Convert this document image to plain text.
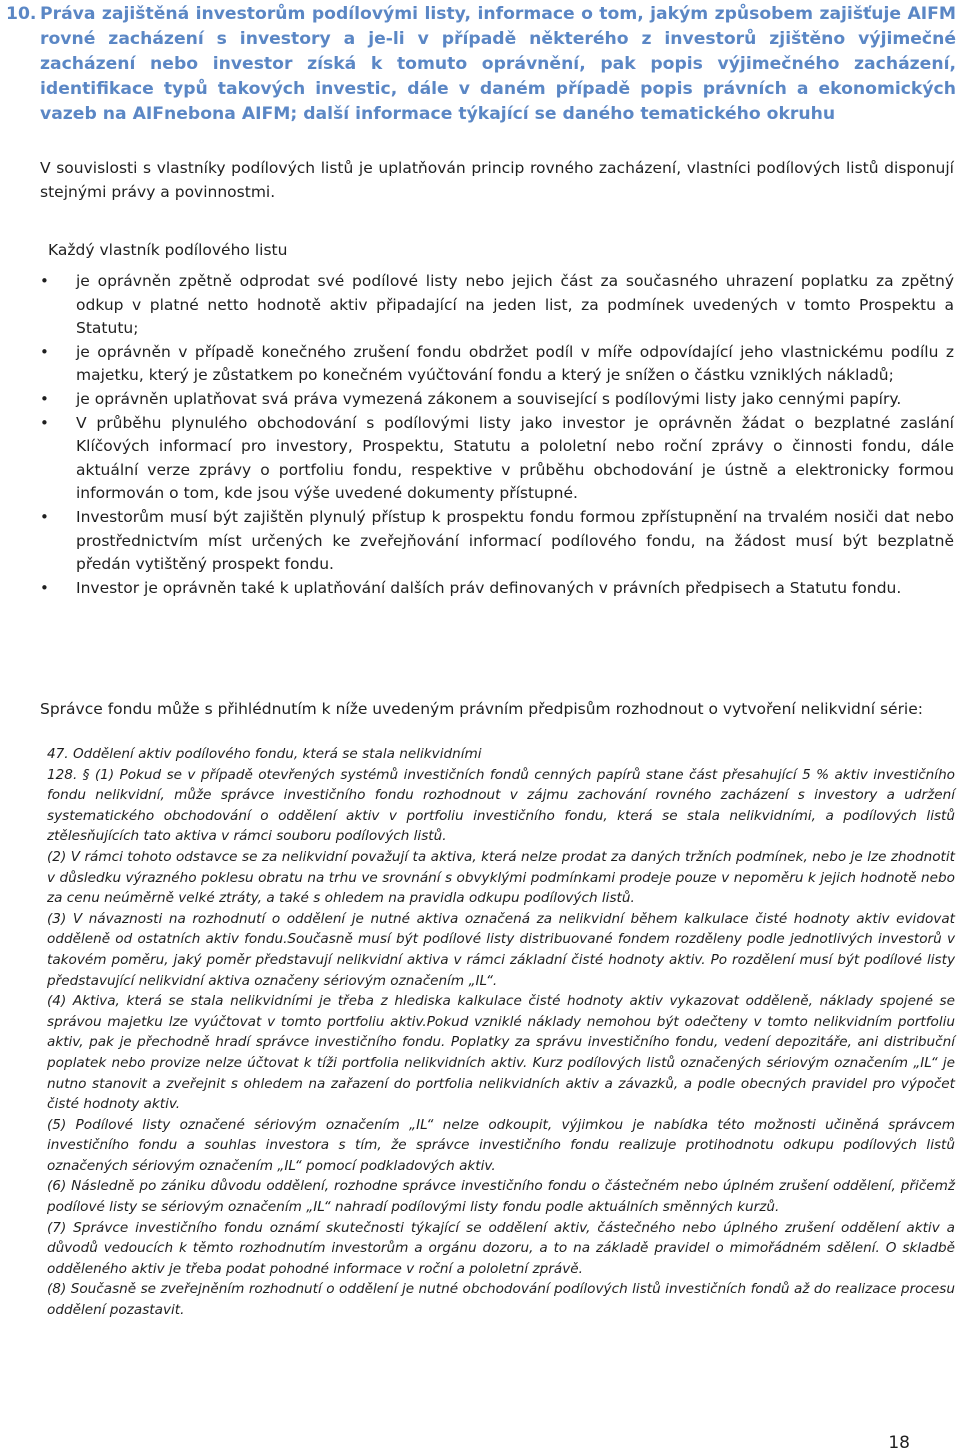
10. Práva zajištěná investorům podílovými listy, informace o tom, jakým způsobem zajišťuje AIFM rovné zacházení s investory a je-li v případě některého z investorů zjištěno výjimečné zacházení nebo investor získá k tomuto oprávnění, pak popis výjimečného zacházení, identifikace typů takových investic, dále v daném případě popis právních a ekonomických vazeb na AIFnebona AIFM; další informace týkající se daného tematického okruhu
V souvislosti s vlastníky podílových listů je uplatňován princip rovného zacházení, vlastníci podílových listů disponují stejnými právy a povinnostmi.
Každý vlastník podílového listu
• je oprávněn zpětně odprodat své podílové listy nebo jejich část za současného uhrazení poplatku za zpětný odkup v platné netto hodnotě aktiv připadající na jeden list, za podmínek uvedených v tomto Prospektu a Statutu;
• je oprávněn v případě konečného zrušení fondu obdržet podíl v míře odpovídající jeho vlastnickému podílu z majetku, který je zůstatkem po konečném vyúčtování fondu a který je snížen o částku vzniklých nákladů;
• je oprávněn uplatňovat svá práva vymezená zákonem a související s podílovými listy jako cennými papíry.
• V průběhu plynulého obchodování s podílovými listy jako investor je oprávněn žádat o bezplatné zaslání Klíčových informací pro investory, Prospektu, Statutu a pololetní nebo roční zprávy o činnosti fondu, dále aktuální verze zprávy o portfoliu fondu, respektive v průběhu obchodování je ústně a elektronicky formou informován o tom, kde jsou výše uvedené dokumenty přístupné.
• Investorům musí být zajištěn plynulý přístup k prospektu fondu formou zpřístupnění na trvalém nosiči dat nebo prostřednictvím míst určených ke zveřejňování informací podílového fondu, na žádost musí být bezplatně předán vytištěný prospekt fondu.
• Investor je oprávněn také k uplatňování dalších práv definovaných v právních předpisech a Statutu fondu.
Správce fondu může s přihlédnutím k níže uvedeným právním předpisům rozhodnout o vytvoření nelikvidní série:

47. Oddělení aktiv podílového fondu, která se stala nelikvidními

128. § (1) Pokud se v případě otevřených systémů investičních fondů cenných papírů stane část přesahující 5 % aktiv investičního fondu nelikvidní, může správce investičního fondu rozhodnout v zájmu zachování rovného zacházení s investory a udržení systematického obchodování o oddělení aktiv v portfoliu investičního fondu, která se stala nelikvidními, a podílových listů ztělesňujících tato aktiva v rámci souboru podílových listů.

(2) V rámci tohoto odstavce se za nelikvidní považují ta aktiva, která nelze prodat za daných tržních podmínek, nebo je lze zhodnotit v důsledku výrazného poklesu obratu na trhu ve srovnání s obvyklými podmínkami prodeje pouze v nepoměru k jejich hodnotě nebo za cenu neúměrně velké ztráty, a také s ohledem na pravidla odkupu podílových listů.

(3) V návaznosti na rozhodnutí o oddělení je nutné aktiva označená za nelikvidní během kalkulace čisté hodnoty aktiv evidovat odděleně od ostatních aktiv fondu.Současně musí být podílové listy distribuované fondem rozděleny podle jednotlivých investorů v takovém poměru, jaký poměr představují nelikvidní aktiva v rámci základní čisté hodnoty aktiv. Po rozdělení musí být podílové listy představující nelikvidní aktiva označeny sériovým označením „IL“.

(4) Aktiva, která se stala nelikvidními je třeba z hlediska kalkulace čisté hodnoty aktiv vykazovat odděleně, náklady spojené se správou majetku lze vyúčtovat v tomto portfoliu aktiv.Pokud vzniklé náklady nemohou být odečteny v tomto nelikvidním portfoliu aktiv, pak je přechodně hradí správce investičního fondu. Poplatky za správu investičního fondu, vedení depozitáře, ani distribuční poplatek nebo provize nelze účtovat k tíži portfolia nelikvidních aktiv. Kurz podílových listů označených sériovým označením „IL“ je nutno stanovit a zveřejnit s ohledem na zařazení do portfolia nelikvidních aktiv a závazků, a podle obecných pravidel pro výpočet čisté hodnoty aktiv.

(5) Podílové listy označené sériovým označením „IL“ nelze odkoupit, výjimkou je nabídka této možnosti učiněná správcem investičního fondu a souhlas investora s tím, že správce investičního fondu realizuje protihodnotu odkupu podílových listů označených sériovým označením „IL“ pomocí podkladových aktiv.

(6) Následně po zániku důvodu oddělení, rozhodne správce investičního fondu o částečném nebo úplném zrušení oddělení, přičemž podílové listy se sériovým označením „IL“ nahradí podílovými listy fondu podle aktuálních směnných kurzů.

(7) Správce investičního fondu oznámí skutečnosti týkající se oddělení aktiv, částečného nebo úplného zrušení oddělení aktiv a důvodů vedoucích k těmto rozhodnutím investorům a orgánu dozoru, a to na základě pravidel o mimořádném sdělení. O skladbě odděleného aktiv je třeba podat pohodné informace v roční a pololetní zprávě.

(8) Současně se zveřejněním rozhodnutí o oddělení je nutné obchodování podílových listů investičních fondů až do realizace procesu oddělení pozastavit.

18
